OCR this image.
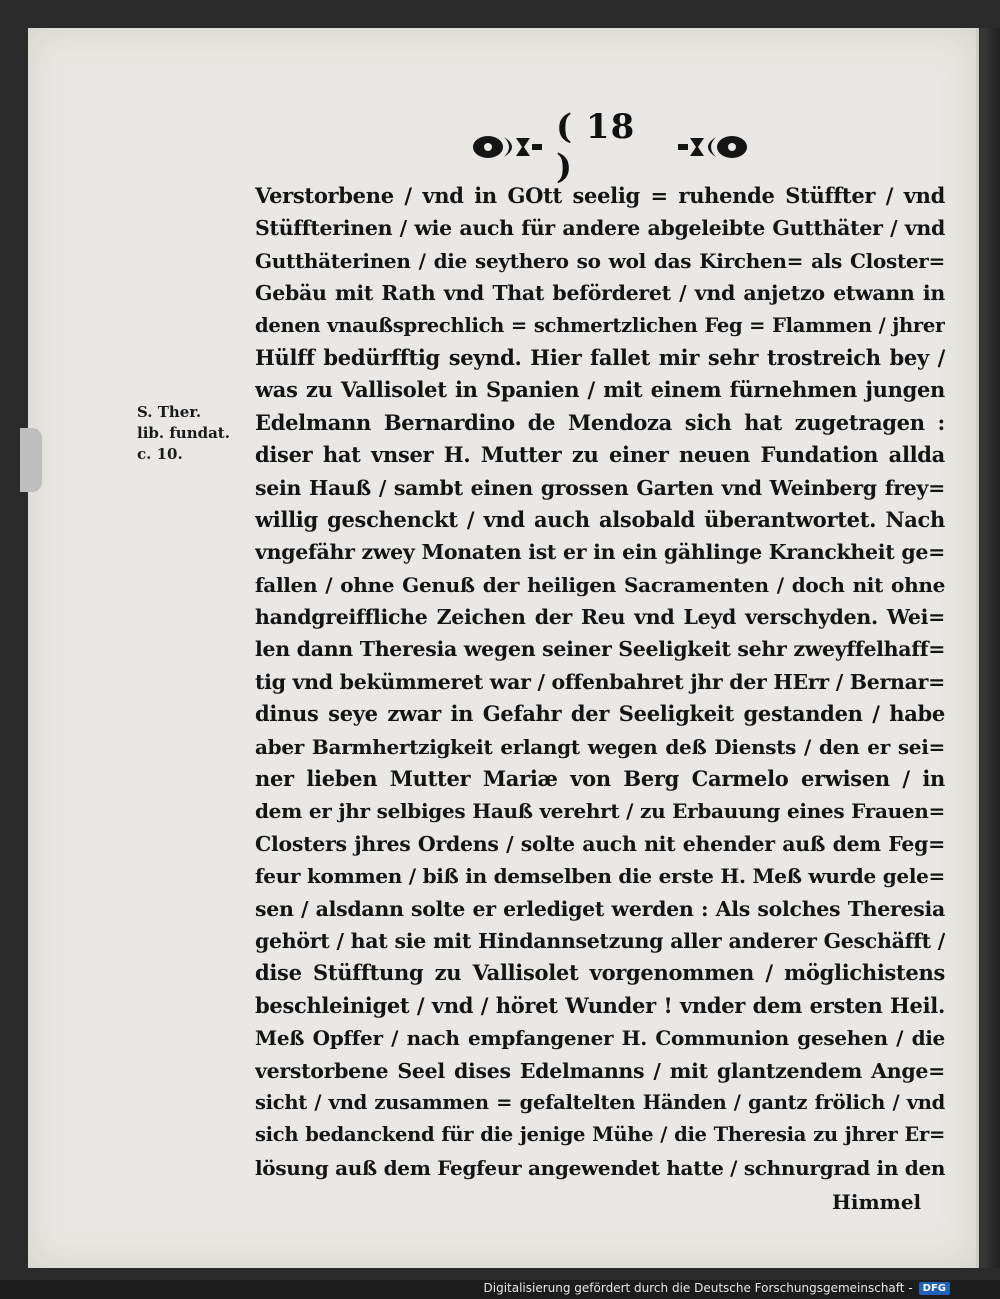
( 18 )
S. Ther.
lib. fundat.
c. 10.
Verstorbene / vnd in GOtt seelig = ruhende Stüffter / vnd
Stüffterinen / wie auch für andere abgeleibte Gutthäter / vnd
Gutthäterinen / die seythero so wol das Kirchen= als Closter=
Gebäu mit Rath vnd That beförderet / vnd anjetzo etwann in
denen vnaußsprechlich = schmertzlichen Feg = Flammen / jhrer
Hülff bedürfftig seynd. Hier fallet mir sehr trostreich bey /
was zu Vallisolet in Spanien / mit einem fürnehmen jungen
Edelmann Bernardino de Mendoza sich hat zugetragen :
diser hat vnser H. Mutter zu einer neuen Fundation allda
sein Hauß / sambt einen grossen Garten vnd Weinberg frey=
willig geschenckt / vnd auch alsobald überantwortet. Nach
vngefähr zwey Monaten ist er in ein gählinge Kranckheit ge=
fallen / ohne Genuß der heiligen Sacramenten / doch nit ohne
handgreiffliche Zeichen der Reu vnd Leyd verschyden. Wei=
len dann Theresia wegen seiner Seeligkeit sehr zweyffelhaff=
tig vnd bekümmeret war / offenbahret jhr der HErr / Bernar=
dinus seye zwar in Gefahr der Seeligkeit gestanden / habe
aber Barmhertzigkeit erlangt wegen deß Diensts / den er sei=
ner lieben Mutter Mariæ von Berg Carmelo erwisen / in
dem er jhr selbiges Hauß verehrt / zu Erbauung eines Frauen=
Closters jhres Ordens / solte auch nit ehender auß dem Feg=
feur kommen / biß in demselben die erste H. Meß wurde gele=
sen / alsdann solte er erlediget werden : Als solches Theresia
gehört / hat sie mit Hindannsetzung aller anderer Geschäfft /
dise Stüfftung zu Vallisolet vorgenommen / möglichistens
beschleiniget / vnd / höret Wunder ! vnder dem ersten Heil.
Meß Opffer / nach empfangener H. Communion gesehen / die
verstorbene Seel dises Edelmanns / mit glantzendem Ange=
sicht / vnd zusammen = gefaltelten Händen / gantz frölich / vnd
sich bedanckend für die jenige Mühe / die Theresia zu jhrer Er=
lösung auß dem Fegfeur angewendet hatte / schnurgrad in den
Himmel
Digitalisierung gefördert durch die Deutsche Forschungsgemeinschaft -	DFG
